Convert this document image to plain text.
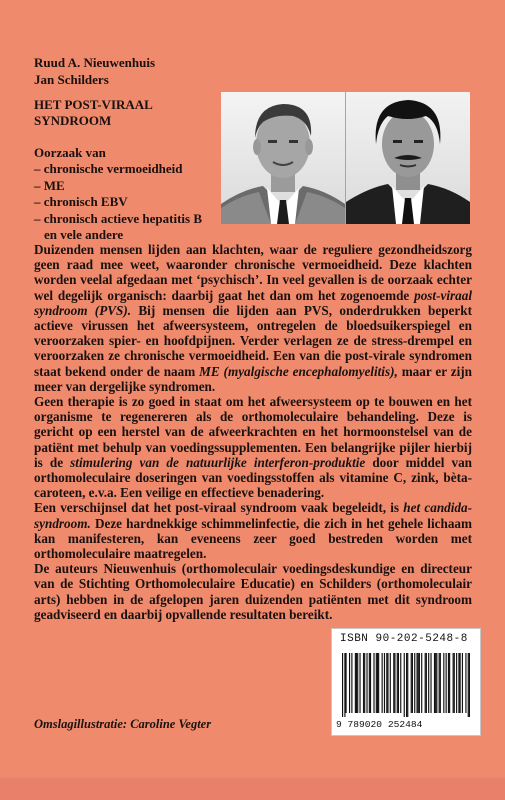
Ruud A. Nieuwenhuis
Jan Schilders
HET POST-VIRAAL
SYNDROOM
Oorzaak van
– chronische vermoeidheid
– ME
– chronisch EBV
– chronisch actieve hepatitis B
en vele andere

Duizenden mensen lijden aan klachten, waar de reguliere gezondheidszorg geen raad mee weet, waaronder chronische vermoeidheid. Deze klachten worden veelal afgedaan met ‘psychisch’. In veel gevallen is de oorzaak echter wel degelijk organisch: daarbij gaat het dan om het zogenoemde post-viraal syndroom (PVS). Bij mensen die lijden aan PVS, onderdrukken beperkt actieve virussen het afweersysteem, ontregelen de bloedsuikerspiegel en veroorzaken spier- en hoofdpijnen. Verder verlagen ze de stress-drempel en veroorzaken ze chronische vermoeidheid. Een van die post-virale syndromen staat bekend onder de naam ME (myalgische encephalomyelitis), maar er zijn meer van dergelijke syndromen.

Geen therapie is zo goed in staat om het afweersysteem op te bouwen en het organisme te regenereren als de orthomoleculaire behandeling. Deze is gericht op een herstel van de afweerkrachten en het hormoonstelsel van de patiënt met behulp van voedingssupplementen. Een belangrijke pijler hierbij is de stimulering van de natuurlijke interferon-produktie door middel van orthomoleculaire doseringen van voedingsstoffen als vitamine C, zink, bèta-caroteen, e.v.a. Een veilige en effectieve benadering.

Een verschijnsel dat het post-viraal syndroom vaak begeleidt, is het candida-syndroom. Deze hardnekkige schimmelinfectie, die zich in het gehele lichaam kan manifesteren, kan eveneens zeer goed bestreden worden met orthomoleculaire maatregelen.

De auteurs Nieuwenhuis (orthomoleculair voedingsdeskundige en directeur van de Stichting Orthomoleculaire Educatie) en Schilders (orthomoleculair arts) hebben in de afgelopen jaren duizenden patiënten met dit syndroom geadviseerd en daarbij opvallende resultaten bereikt.

ISBN 90-202-5248-8
9 789020 252484
Omslagillustratie: Caroline Vegter
